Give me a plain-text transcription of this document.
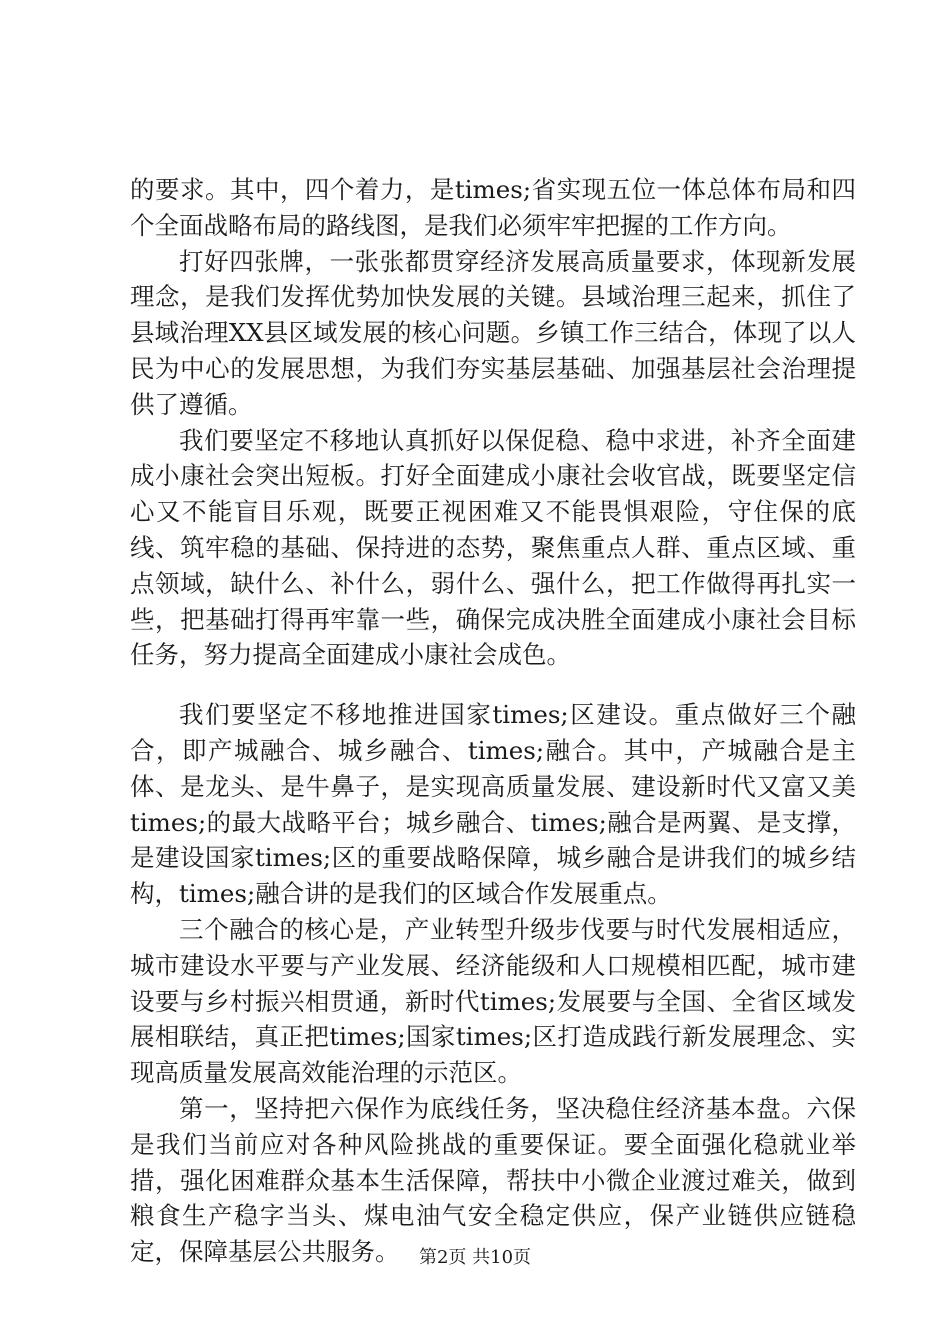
的要求。其中，四个着力，是times;省实现五位一体总体布局和四个全面战略布局的路线图，是我们必须牢牢把握的工作方向。

打好四张牌，一张张都贯穿经济发展高质量要求，体现新发展理念，是我们发挥优势加快发展的关键。县域治理三起来，抓住了县域治理XX县区域发展的核心问题。乡镇工作三结合，体现了以人民为中心的发展思想，为我们夯实基层基础、加强基层社会治理提供了遵循。

我们要坚定不移地认真抓好以保促稳、稳中求进，补齐全面建成小康社会突出短板。打好全面建成小康社会收官战，既要坚定信心又不能盲目乐观，既要正视困难又不能畏惧艰险，守住保的底线、筑牢稳的基础、保持进的态势，聚焦重点人群、重点区域、重点领域，缺什么、补什么，弱什么、强什么，把工作做得再扎实一些，把基础打得再牢靠一些，确保完成决胜全面建成小康社会目标任务，努力提高全面建成小康社会成色。

我们要坚定不移地推进国家times;区建设。重点做好三个融合，即产城融合、城乡融合、times;融合。其中，产城融合是主体、是龙头、是牛鼻子，是实现高质量发展、建设新时代又富又美times;的最大战略平台；城乡融合、times;融合是两翼、是支撑，是建设国家times;区的重要战略保障，城乡融合是讲我们的城乡结构，times;融合讲的是我们的区域合作发展重点。

三个融合的核心是，产业转型升级步伐要与时代发展相适应，城市建设水平要与产业发展、经济能级和人口规模相匹配，城市建设要与乡村振兴相贯通，新时代times;发展要与全国、全省区域发展相联结，真正把times;国家times;区打造成践行新发展理念、实现高质量发展高效能治理的示范区。

第一，坚持把六保作为底线任务，坚决稳住经济基本盘。六保是我们当前应对各种风险挑战的重要保证。要全面强化稳就业举措，强化困难群众基本生活保障，帮扶中小微企业渡过难关，做到粮食生产稳字当头、煤电油气安全稳定供应，保产业链供应链稳定，保障基层公共服务。	第2页 共10页
